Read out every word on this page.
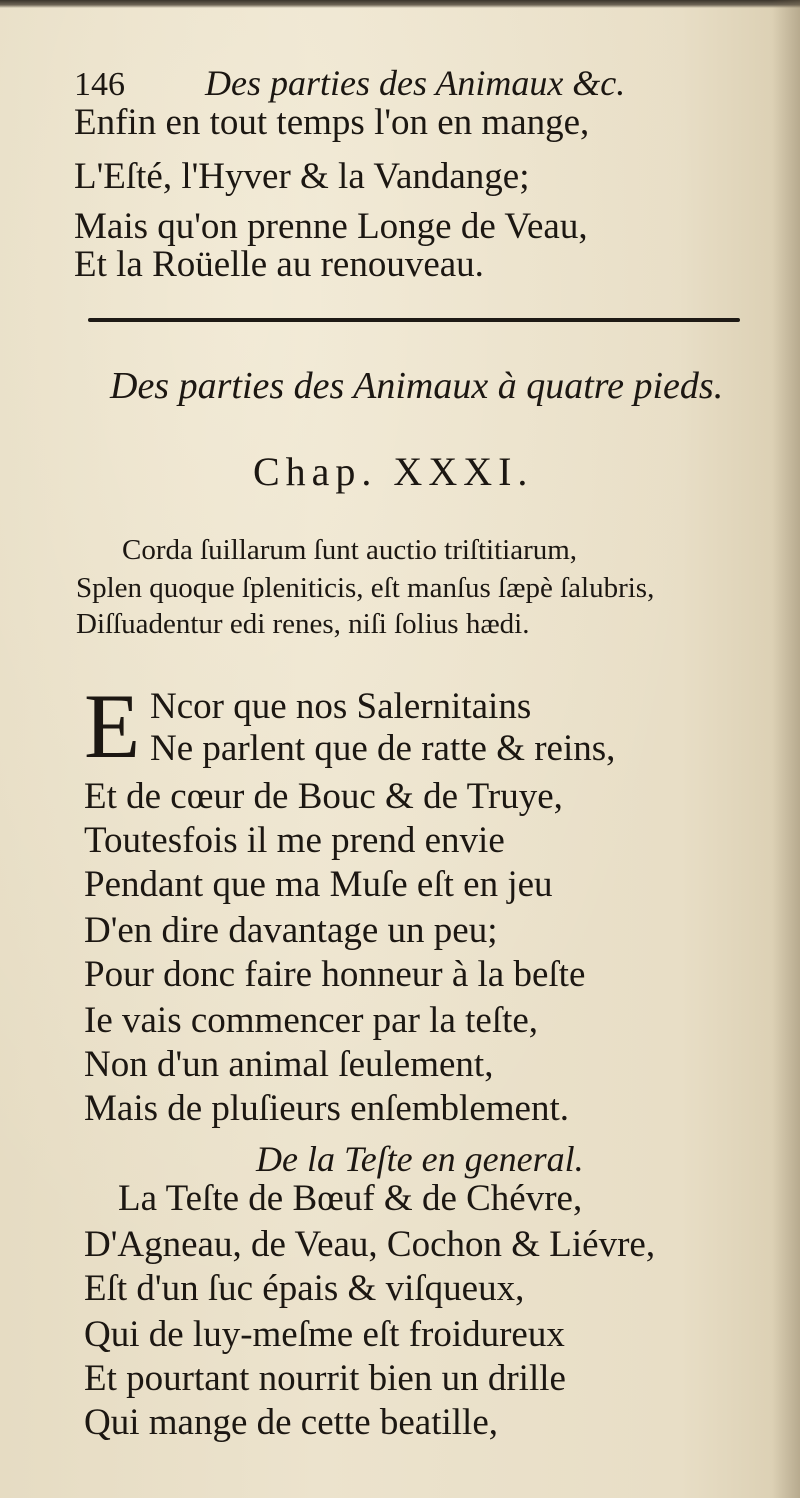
146 Des parties des Animaux &c.
Enfin en tout temps l'on en mange,
L'Eſté, l'Hyver & la Vandange;
Mais qu'on prenne Longe de Veau,
Et la Roüelle au renouveau.
Des parties des Animaux à quatre pieds.
Chap. XXXI.
Corda ſuillarum ſunt auctio triſtitiarum,
Splen quoque ſpleniticis, eſt manſus ſæpè ſalubris,
Diſſuadentur edi renes, niſi ſolius hædi.
E Ncor que nos Salernitains
Ne parlent que de ratte & reins,
Et de cœur de Bouc & de Truye,
Toutesfois il me prend envie
Pendant que ma Muſe eſt en jeu
D'en dire davantage un peu;
Pour donc faire honneur à la beſte
Ie vais commencer par la teſte,
Non d'un animal ſeulement,
Mais de pluſieurs enſemblement.
De la Teſte en general.
La Teſte de Bœuf & de Chévre,
D'Agneau, de Veau, Cochon & Liévre,
Eſt d'un ſuc épais & viſqueux,
Qui de luy-meſme eſt froidureux
Et pourtant nourrit bien un drille
Qui mange de cette beatille,
